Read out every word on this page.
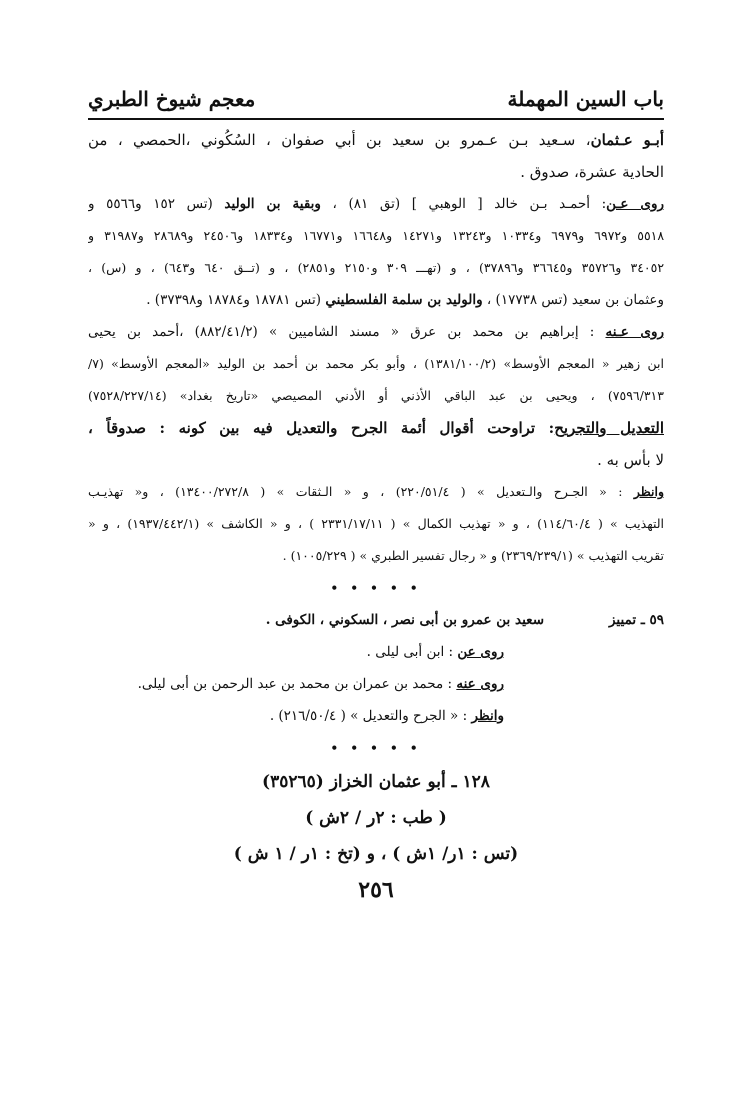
باب السين المهملة
معجم شيوخ الطبري
أبـو عـثمان، سـعيد بـن عـمرو بن سعيد بن أبي صفوان ، السُكُوني ،الحمصي ، من
الحادية عشرة، صدوق .
روى عـن: أحمـد بـن خالد [ الوهبي ] (تق ٨١) ، وبقية بن الوليد (تس ١٥٢ و٥٥٦٦ و
٥٥١٨ و٦٩٧٢ و٦٩٧٩ و١٠٣٣٤ و١٣٢٤٣ و١٤٢٧١ و١٦٦٤٨ و١٦٧٧١ و١٨٣٣٤ و٢٤٥٠٦ و٢٨٦٨٩ و٣١٩٨٧ و
٣٤٠٥٢ و٣٥٧٢٦ و٣٦٦٤٥ و٣٧٨٩٦) ، و (تهـــ ٣٠٩ و٢١٥٠ و٢٨٥١) ، و (تــق ٦٤٠ و٦٤٣) ، و (س) ،
وعثمان بن سعيد (تس ١٧٧٣٨) ، والوليد بن سلمة الفلسطيني (تس ١٨٧٨١ و١٨٧٨٤ و٣٧٣٩٨) .
روى عـنه : إبراهيم بن محمد بن عرق « مسند الشاميين » (٨٨٢/٤١/٢) ،أحمد بن يحيى
ابن زهير « المعجم الأوسط» (١٣٨١/١٠٠/٢) ، وأبو بكر محمد بن أحمد بن الوليد «المعجم الأوسط» (٧/
٧٥٩٦/٣١٣) ، ويحيى بن عبد الباقي الأذني أو الأدني المصيصي «تاريخ بغداد» (٧٥٢٨/٢٢٧/١٤)
التعديل والتجريح: تراوحت أقوال أئمة الجرح والتعديل فيه بين كونه : صدوقاً ،
لا بأس به .
وانظر : « الجـرح والـتعديل » ( ٢٢٠/٥١/٤) ، و « الـثقات » ( ١٣٤٠٠/٢٧٢/٨) ، و« تهذيـب
التهذيب » ( ١١٤/٦٠/٤) ، و « تهذيب الكمال » ( ٢٣٣١/١٧/١١ ) ، و « الكاشف » (١٩٣٧/٤٤٢/١) ، و «
تقريب التهذيب » (٢٣٦٩/٢٣٩/١) و « رجال تفسير الطبري » ( ١٠٠٥/٢٢٩) .
• • • • •
٥٩ ـ تمييز
سعيد بن عمرو بن أبى نصر ، السكوني ، الكوفى .
روى عن : ابن أبى ليلى .
روى عنه : محمد بن عمران بن محمد بن عبد الرحمن بن أبى ليلى.
وانظر : « الجرح والتعديل » ( ٢١٦/٥٠/٤) .
• • • • •
١٢٨ ـ أبو عثمان الخزاز (٣٥٢٦٥)
( طب : ٢ر / ٢ش )
(تس : ١ر/ ١ش ) ، و (تخ : ١ر / ١ ش )
٢٥٦
